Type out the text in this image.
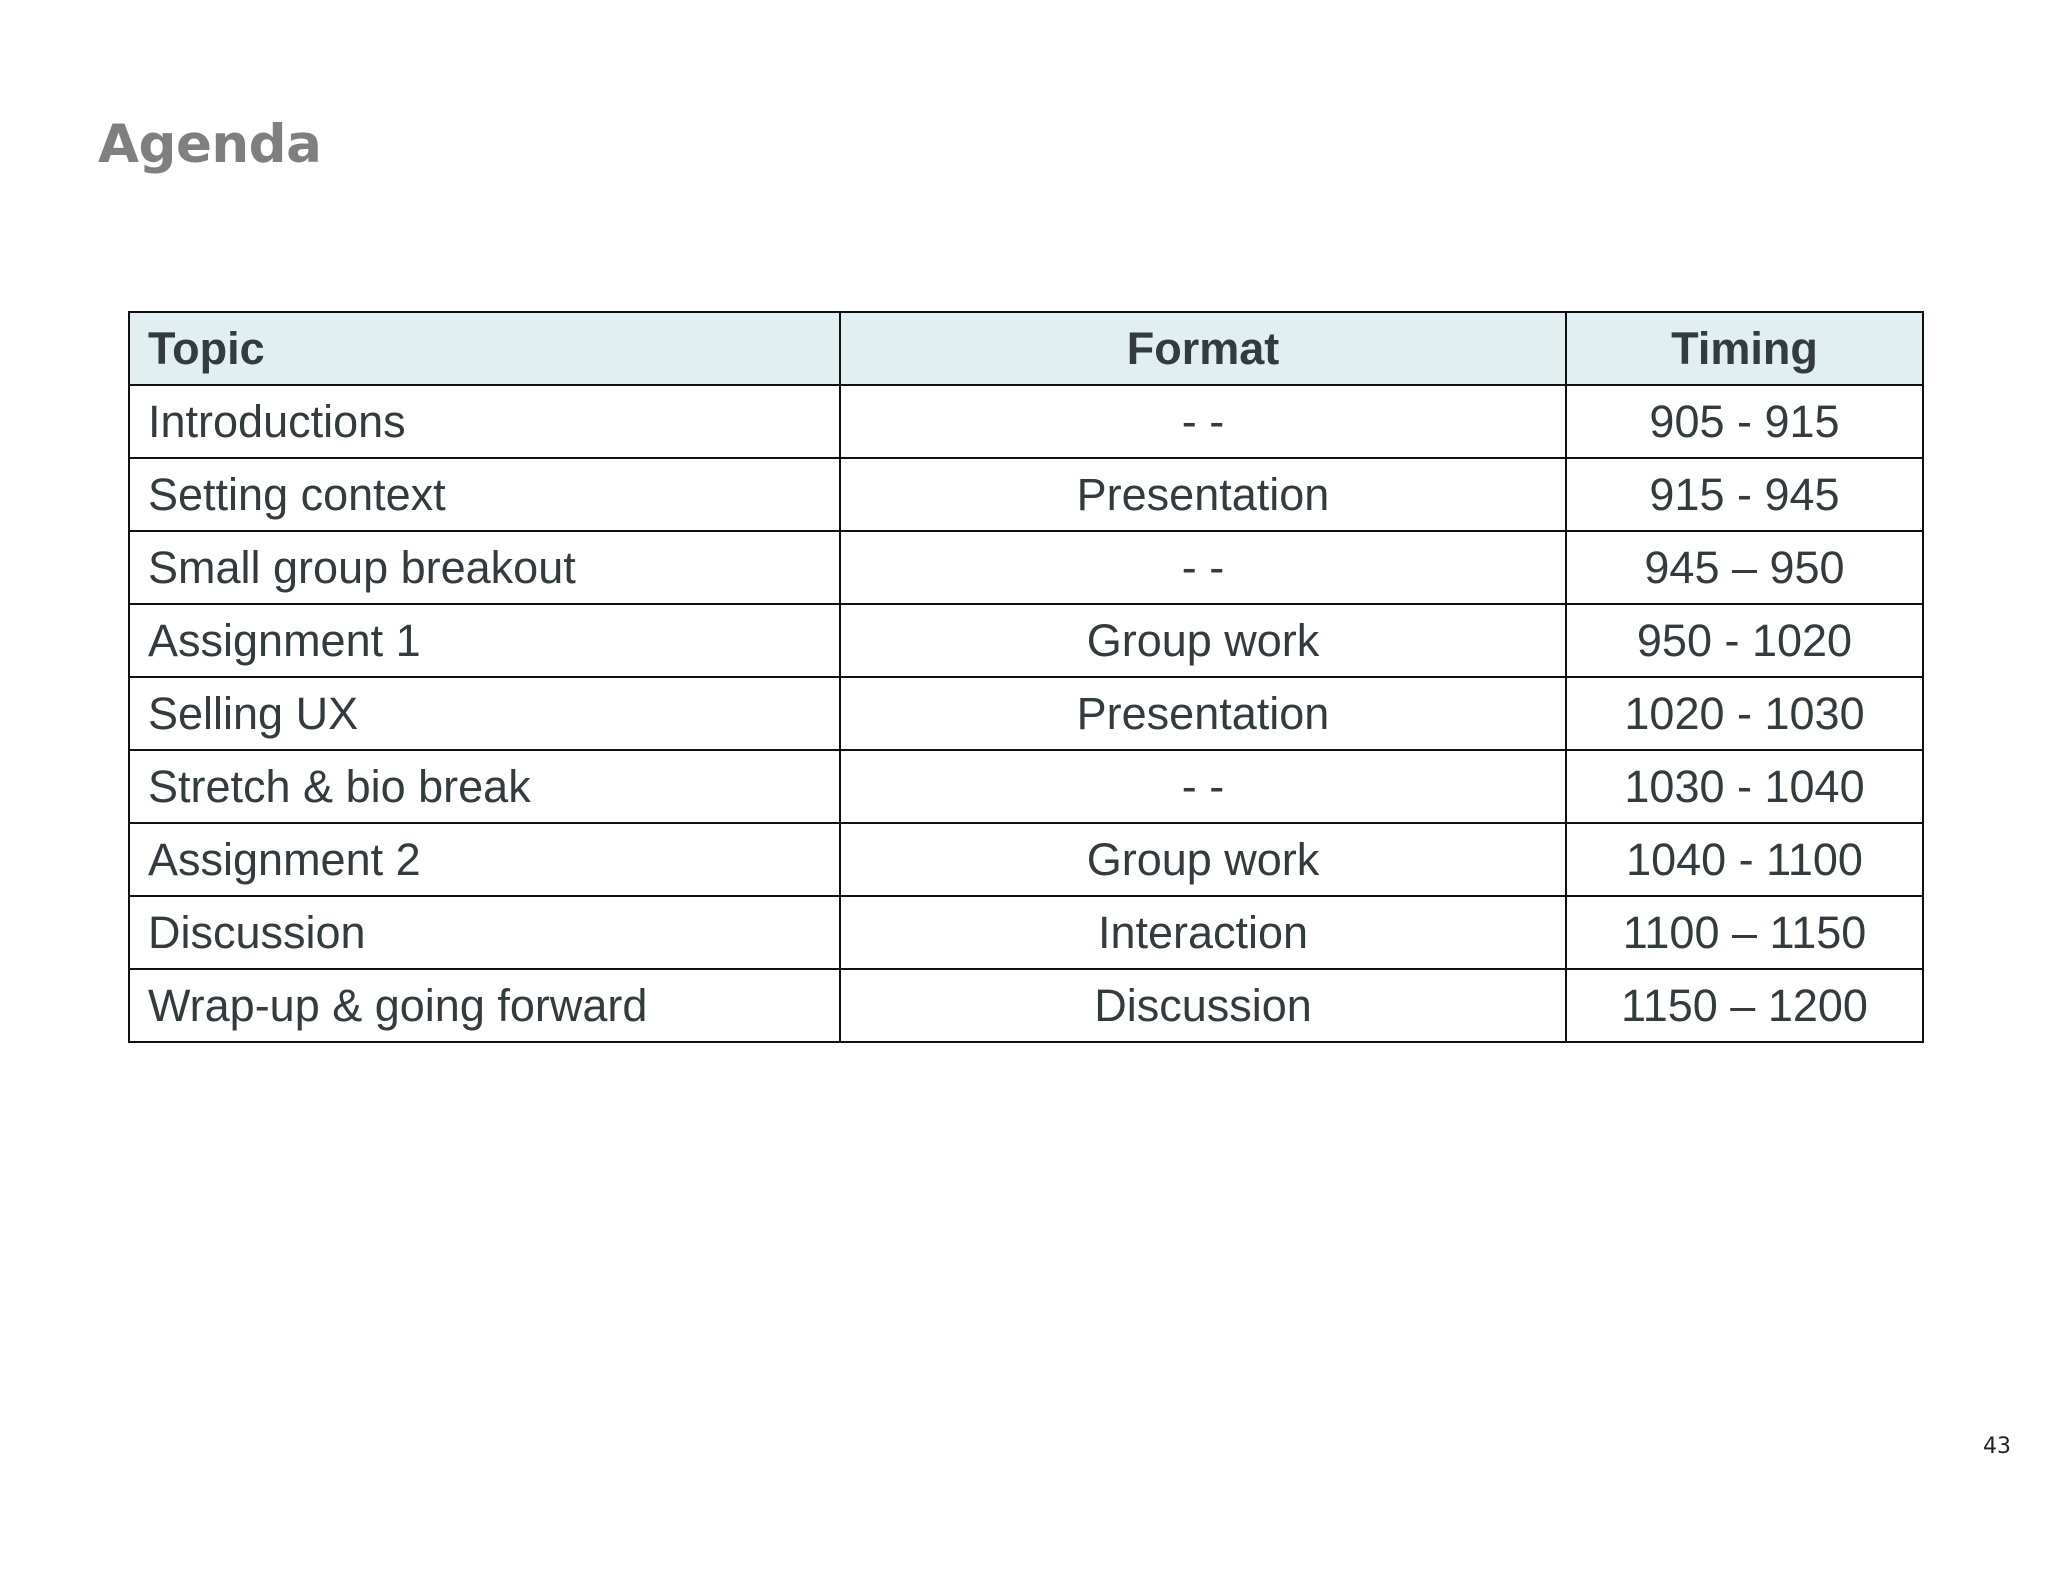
Agenda
Topic	Format	Timing
Introductions	- -	905 - 915
Setting context	Presentation	915 - 945
Small group breakout	- -	945 – 950
Assignment 1	Group work	950 - 1020
Selling UX	Presentation	1020 - 1030
Stretch & bio break	- -	1030 - 1040
Assignment 2	Group work	1040 - 1100
Discussion	Interaction	1100 – 1150
Wrap-up & going forward	Discussion	1150 – 1200
43
